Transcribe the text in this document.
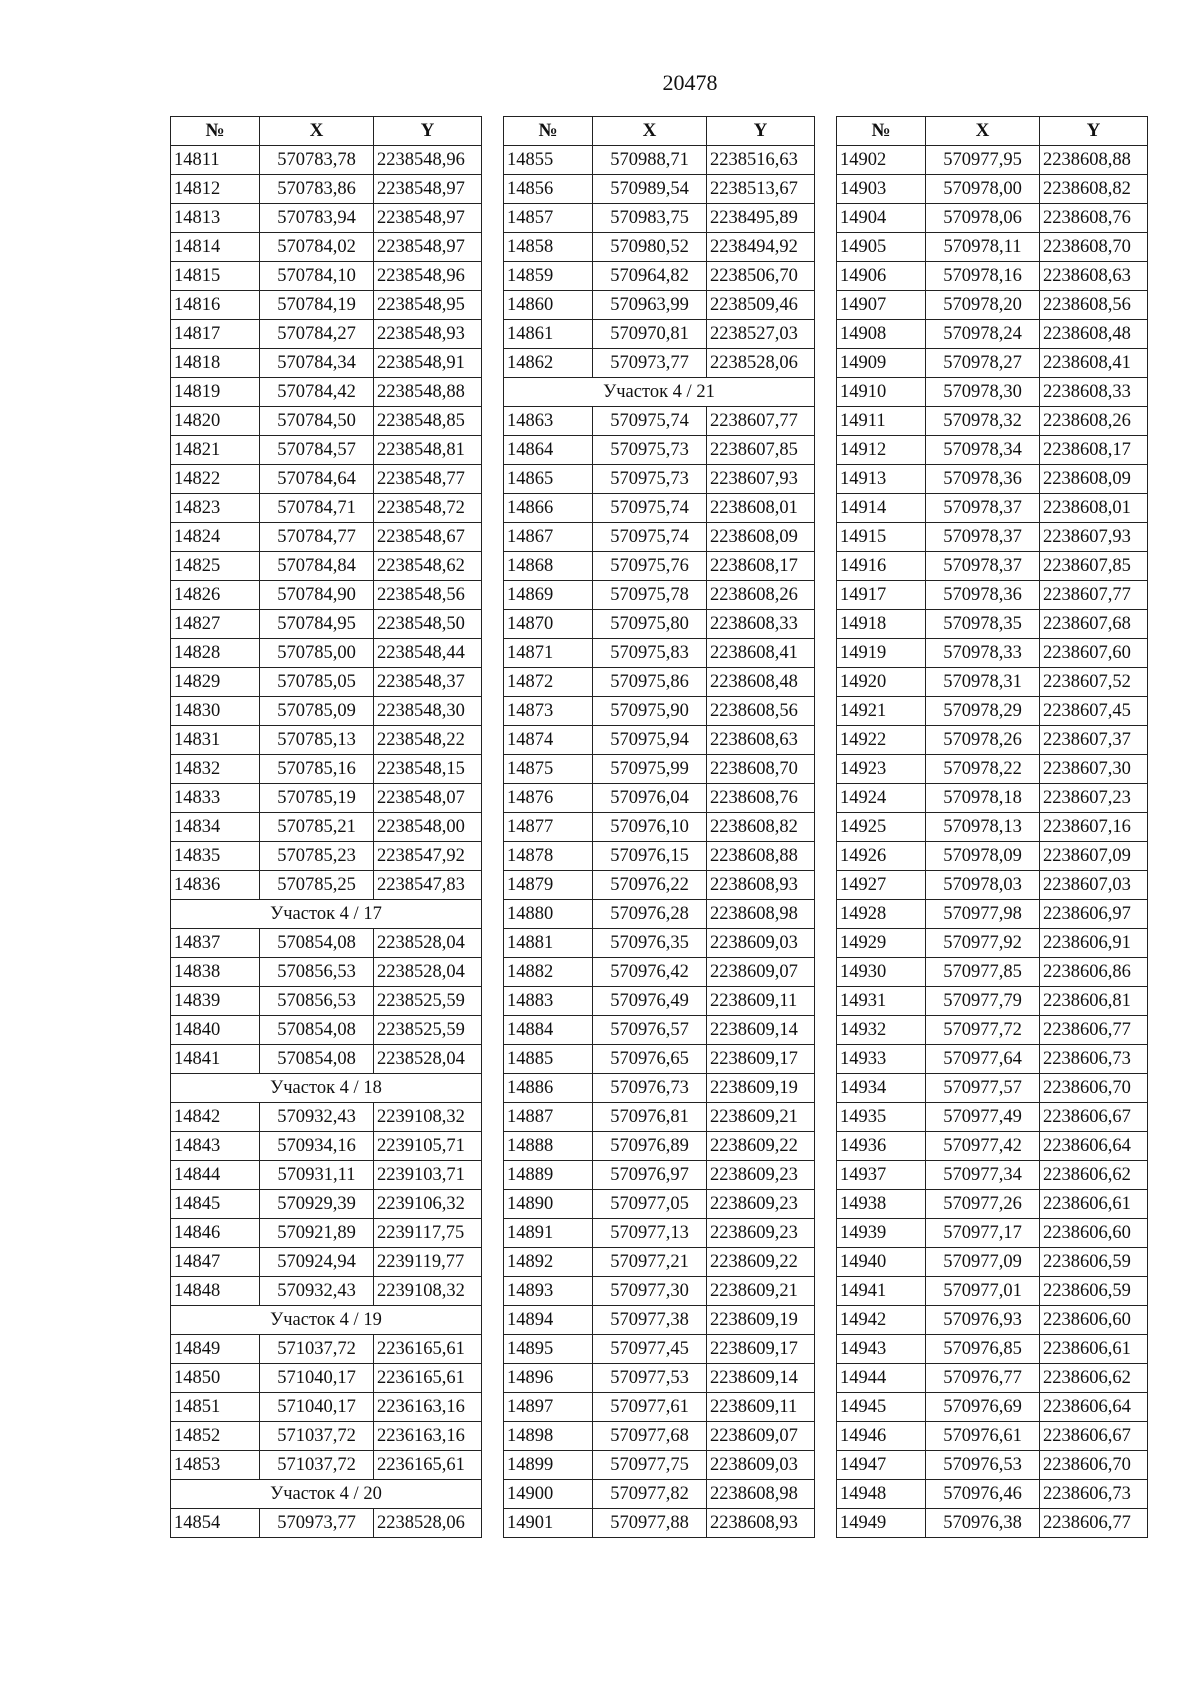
20478
№	X	Y
14811	570783,78	2238548,96
14812	570783,86	2238548,97
14813	570783,94	2238548,97
14814	570784,02	2238548,97
14815	570784,10	2238548,96
14816	570784,19	2238548,95
14817	570784,27	2238548,93
14818	570784,34	2238548,91
14819	570784,42	2238548,88
14820	570784,50	2238548,85
14821	570784,57	2238548,81
14822	570784,64	2238548,77
14823	570784,71	2238548,72
14824	570784,77	2238548,67
14825	570784,84	2238548,62
14826	570784,90	2238548,56
14827	570784,95	2238548,50
14828	570785,00	2238548,44
14829	570785,05	2238548,37
14830	570785,09	2238548,30
14831	570785,13	2238548,22
14832	570785,16	2238548,15
14833	570785,19	2238548,07
14834	570785,21	2238548,00
14835	570785,23	2238547,92
14836	570785,25	2238547,83
Участок 4 / 17		
14837	570854,08	2238528,04
14838	570856,53	2238528,04
14839	570856,53	2238525,59
14840	570854,08	2238525,59
14841	570854,08	2238528,04
Участок 4 / 18		
14842	570932,43	2239108,32
14843	570934,16	2239105,71
14844	570931,11	2239103,71
14845	570929,39	2239106,32
14846	570921,89	2239117,75
14847	570924,94	2239119,77
14848	570932,43	2239108,32
Участок 4 / 19		
14849	571037,72	2236165,61
14850	571040,17	2236165,61
14851	571040,17	2236163,16
14852	571037,72	2236163,16
14853	571037,72	2236165,61
Участок 4 / 20		
14854	570973,77	2238528,06
№	X	Y
14855	570988,71	2238516,63
14856	570989,54	2238513,67
14857	570983,75	2238495,89
14858	570980,52	2238494,92
14859	570964,82	2238506,70
14860	570963,99	2238509,46
14861	570970,81	2238527,03
14862	570973,77	2238528,06
Участок 4 / 21		
14863	570975,74	2238607,77
14864	570975,73	2238607,85
14865	570975,73	2238607,93
14866	570975,74	2238608,01
14867	570975,74	2238608,09
14868	570975,76	2238608,17
14869	570975,78	2238608,26
14870	570975,80	2238608,33
14871	570975,83	2238608,41
14872	570975,86	2238608,48
14873	570975,90	2238608,56
14874	570975,94	2238608,63
14875	570975,99	2238608,70
14876	570976,04	2238608,76
14877	570976,10	2238608,82
14878	570976,15	2238608,88
14879	570976,22	2238608,93
14880	570976,28	2238608,98
14881	570976,35	2238609,03
14882	570976,42	2238609,07
14883	570976,49	2238609,11
14884	570976,57	2238609,14
14885	570976,65	2238609,17
14886	570976,73	2238609,19
14887	570976,81	2238609,21
14888	570976,89	2238609,22
14889	570976,97	2238609,23
14890	570977,05	2238609,23
14891	570977,13	2238609,23
14892	570977,21	2238609,22
14893	570977,30	2238609,21
14894	570977,38	2238609,19
14895	570977,45	2238609,17
14896	570977,53	2238609,14
14897	570977,61	2238609,11
14898	570977,68	2238609,07
14899	570977,75	2238609,03
14900	570977,82	2238608,98
14901	570977,88	2238608,93
№	X	Y
14902	570977,95	2238608,88
14903	570978,00	2238608,82
14904	570978,06	2238608,76
14905	570978,11	2238608,70
14906	570978,16	2238608,63
14907	570978,20	2238608,56
14908	570978,24	2238608,48
14909	570978,27	2238608,41
14910	570978,30	2238608,33
14911	570978,32	2238608,26
14912	570978,34	2238608,17
14913	570978,36	2238608,09
14914	570978,37	2238608,01
14915	570978,37	2238607,93
14916	570978,37	2238607,85
14917	570978,36	2238607,77
14918	570978,35	2238607,68
14919	570978,33	2238607,60
14920	570978,31	2238607,52
14921	570978,29	2238607,45
14922	570978,26	2238607,37
14923	570978,22	2238607,30
14924	570978,18	2238607,23
14925	570978,13	2238607,16
14926	570978,09	2238607,09
14927	570978,03	2238607,03
14928	570977,98	2238606,97
14929	570977,92	2238606,91
14930	570977,85	2238606,86
14931	570977,79	2238606,81
14932	570977,72	2238606,77
14933	570977,64	2238606,73
14934	570977,57	2238606,70
14935	570977,49	2238606,67
14936	570977,42	2238606,64
14937	570977,34	2238606,62
14938	570977,26	2238606,61
14939	570977,17	2238606,60
14940	570977,09	2238606,59
14941	570977,01	2238606,59
14942	570976,93	2238606,60
14943	570976,85	2238606,61
14944	570976,77	2238606,62
14945	570976,69	2238606,64
14946	570976,61	2238606,67
14947	570976,53	2238606,70
14948	570976,46	2238606,73
14949	570976,38	2238606,77
